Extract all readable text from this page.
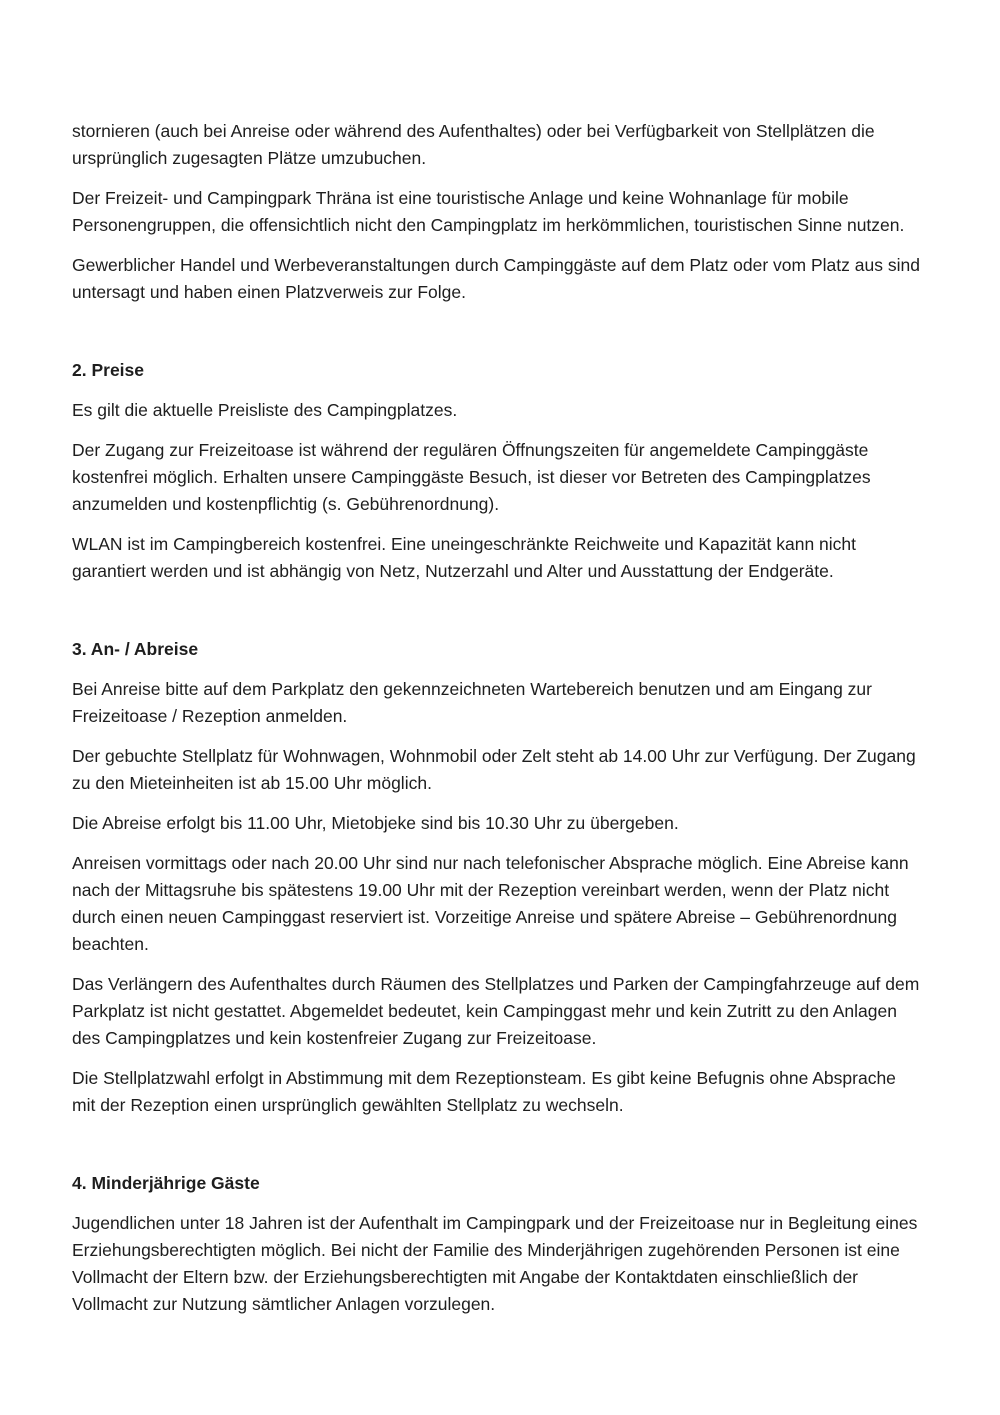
stornieren (auch bei Anreise oder während des Aufenthaltes) oder bei Verfügbarkeit von Stellplätzen die
ursprünglich zugesagten Plätze umzubuchen.

Der Freizeit- und Campingpark Thräna ist eine touristische Anlage und keine Wohnanlage für mobile
Personengruppen, die offensichtlich nicht den Campingplatz im herkömmlichen, touristischen Sinne nutzen.

Gewerblicher Handel und Werbeveranstaltungen durch Campinggäste auf dem Platz oder vom Platz aus sind
untersagt und haben einen Platzverweis zur Folge.

2. Preise

Es gilt die aktuelle Preisliste des Campingplatzes.

Der Zugang zur Freizeitoase ist während der regulären Öffnungszeiten für angemeldete Campinggäste
kostenfrei möglich. Erhalten unsere Campinggäste Besuch, ist dieser vor Betreten des Campingplatzes
anzumelden und kostenpflichtig (s. Gebührenordnung).

WLAN ist im Campingbereich kostenfrei. Eine uneingeschränkte Reichweite und Kapazität kann nicht
garantiert werden und ist abhängig von Netz, Nutzerzahl und Alter und Ausstattung der Endgeräte.

3. An- / Abreise

Bei Anreise bitte auf dem Parkplatz den gekennzeichneten Wartebereich benutzen und am Eingang zur
Freizeitoase / Rezeption anmelden.

Der gebuchte Stellplatz für Wohnwagen, Wohnmobil oder Zelt steht ab 14.00 Uhr zur Verfügung. Der Zugang
zu den Mieteinheiten ist ab 15.00 Uhr möglich.

Die Abreise erfolgt bis 11.00 Uhr, Mietobjeke sind bis 10.30 Uhr zu übergeben.

Anreisen vormittags oder nach 20.00 Uhr sind nur nach telefonischer Absprache möglich. Eine Abreise kann
nach der Mittagsruhe bis spätestens 19.00 Uhr mit der Rezeption vereinbart werden, wenn der Platz nicht
durch einen neuen Campinggast reserviert ist. Vorzeitige Anreise und spätere Abreise – Gebührenordnung
beachten.

Das Verlängern des Aufenthaltes durch Räumen des Stellplatzes und Parken der Campingfahrzeuge auf dem
Parkplatz ist nicht gestattet. Abgemeldet bedeutet, kein Campinggast mehr und kein Zutritt zu den Anlagen
des Campingplatzes und kein kostenfreier Zugang zur Freizeitoase.

Die Stellplatzwahl erfolgt in Abstimmung mit dem Rezeptionsteam. Es gibt keine Befugnis ohne Absprache
mit der Rezeption einen ursprünglich gewählten Stellplatz zu wechseln.

4. Minderjährige Gäste

Jugendlichen unter 18 Jahren ist der Aufenthalt im Campingpark und der Freizeitoase nur in Begleitung eines
Erziehungsberechtigten möglich. Bei nicht der Familie des Minderjährigen zugehörenden Personen ist eine
Vollmacht der Eltern bzw. der Erziehungsberechtigten mit Angabe der Kontaktdaten einschließlich der
Vollmacht zur Nutzung sämtlicher Anlagen vorzulegen.
